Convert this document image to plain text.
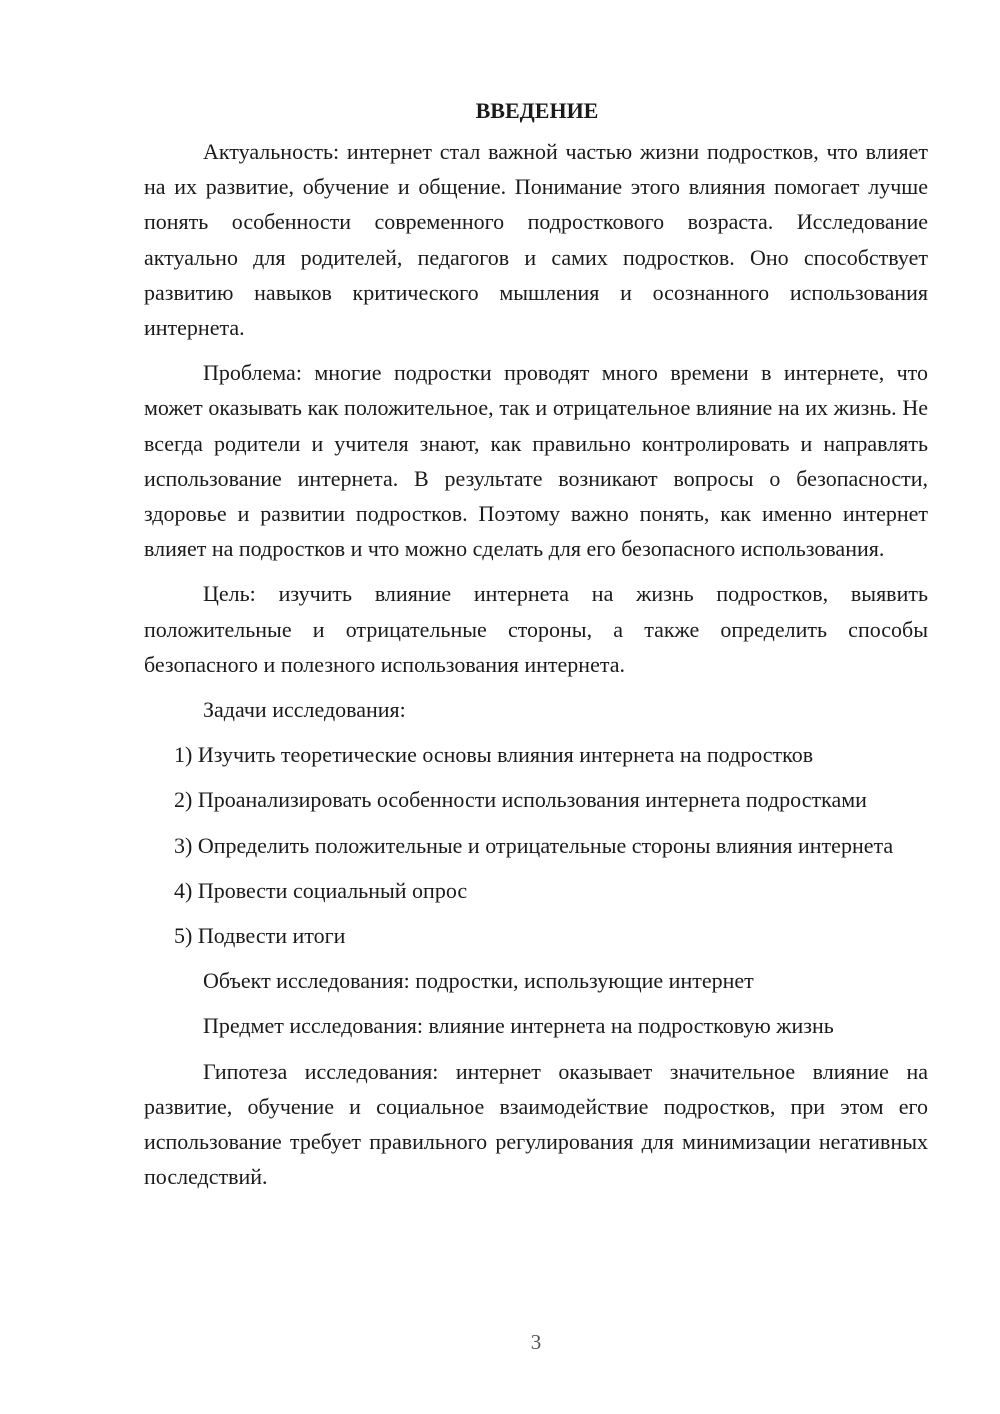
ВВЕДЕНИЕ

Актуальность: интернет стал важной частью жизни подростков, что влияет на их развитие, обучение и общение. Понимание этого влияния помогает лучше понять особенности современного подросткового возраста. Исследование актуально для родителей, педагогов и самих подростков. Оно способствует развитию навыков критического мышления и осознанного использования интернета.

Проблема: многие подростки проводят много времени в интернете, что может оказывать как положительное, так и отрицательное влияние на их жизнь. Не всегда родители и учителя знают, как правильно контролировать и направлять использование интернета. В результате возникают вопросы о безопасности, здоровье и развитии подростков. Поэтому важно понять, как именно интернет влияет на подростков и что можно сделать для его безопасного использования.

Цель: изучить влияние интернета на жизнь подростков, выявить положительные и отрицательные стороны, а также определить способы безопасного и полезного использования интернета.

Задачи исследования:

1) Изучить теоретические основы влияния интернета на подростков

2) Проанализировать особенности использования интернета подростками

3) Определить положительные и отрицательные стороны влияния интернета

4) Провести социальный опрос

5) Подвести итоги

Объект исследования: подростки, использующие интернет

Предмет исследования: влияние интернета на подростковую жизнь

Гипотеза исследования: интернет оказывает значительное влияние на развитие, обучение и социальное взаимодействие подростков, при этом его использование требует правильного регулирования для минимизации негативных последствий.

3
